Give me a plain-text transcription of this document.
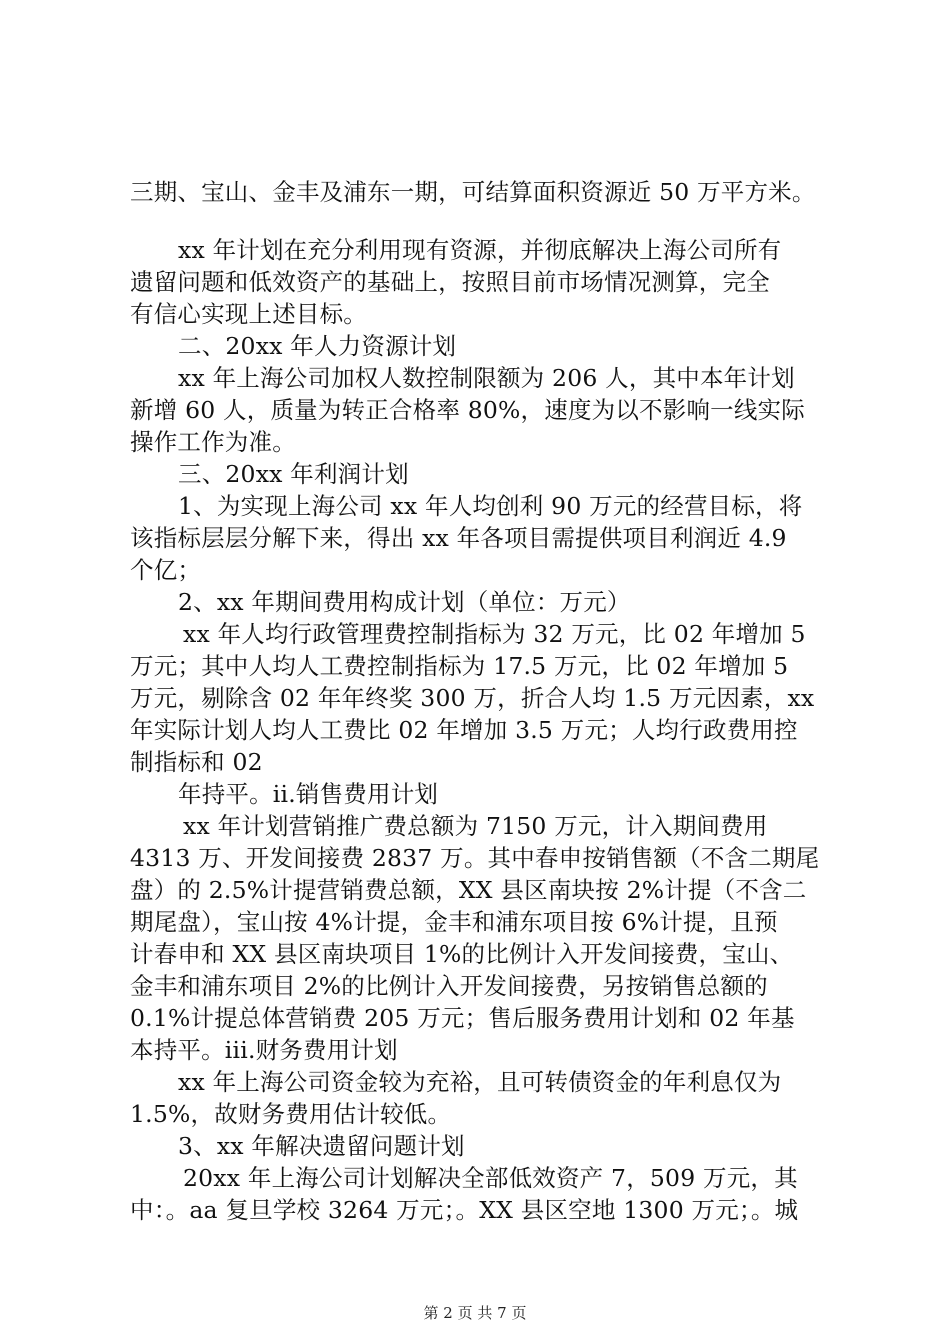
三期、宝山、金丰及浦东一期，可结算面积资源近 50 万平方米。
xx 年计划在充分利用现有资源，并彻底解决上海公司所有
遗留问题和低效资产的基础上，按照目前市场情况测算，完全
有信心实现上述目标。
二、20xx 年人力资源计划
xx 年上海公司加权人数控制限额为 206 人，其中本年计划
新增 60 人，质量为转正合格率 80%，速度为以不影响一线实际
操作工作为准。
三、20xx 年利润计划
1、为实现上海公司 xx 年人均创利 90 万元的经营目标，将
该指标层层分解下来，得出 xx 年各项目需提供项目利润近 4.9
个亿；
2、xx 年期间费用构成计划（单位：万元）
xx 年人均行政管理费控制指标为 32 万元，比 02 年增加 5
万元；其中人均人工费控制指标为 17.5 万元，比 02 年增加 5
万元，剔除含 02 年年终奖 300 万，折合人均 1.5 万元因素，xx
年实际计划人均人工费比 02 年增加 3.5 万元；人均行政费用控
制指标和 02
年持平。ii.销售费用计划
xx 年计划营销推广费总额为 7150 万元，计入期间费用
4313 万、开发间接费 2837 万。其中春申按销售额（不含二期尾
盘）的 2.5%计提营销费总额，XX 县区南块按 2%计提（不含二
期尾盘），宝山按 4%计提，金丰和浦东项目按 6%计提，且预
计春申和 XX 县区南块项目 1%的比例计入开发间接费，宝山、
金丰和浦东项目 2%的比例计入开发间接费，另按销售总额的
0.1%计提总体营销费 205 万元；售后服务费用计划和 02 年基
本持平。iii.财务费用计划
xx 年上海公司资金较为充裕，且可转债资金的年利息仅为
1.5%，故财务费用估计较低。
3、xx 年解决遗留问题计划
20xx 年上海公司计划解决全部低效资产 7，509 万元，其
中：。aa 复旦学校 3264 万元；。XX 县区空地 1300 万元；。城
第 2 页 共 7 页
